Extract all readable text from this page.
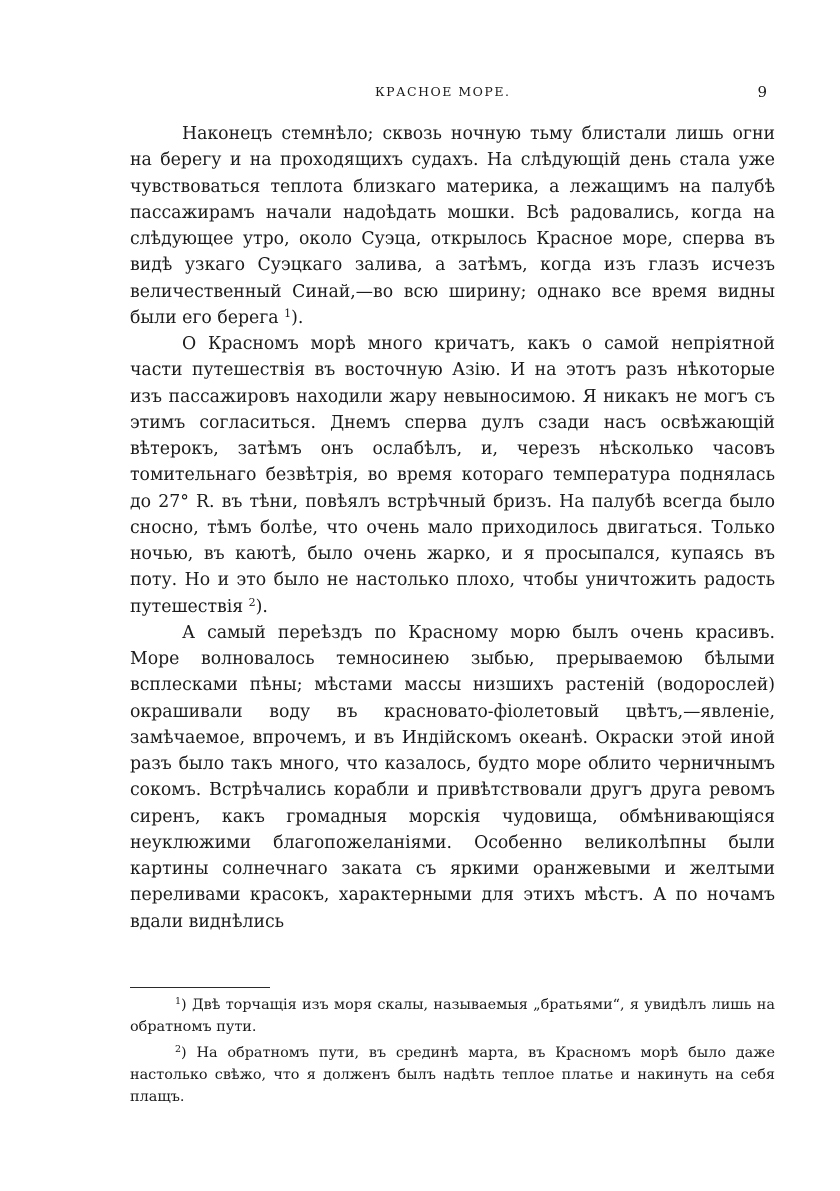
КРАСНОЕ МОРЕ.	9

Наконецъ стемнѣло; сквозь ночную тьму блистали лишь огни на берегу и на проходящихъ судахъ. На слѣдующій день стала уже чувствоваться теплота близкаго материка, а лежащимъ на палубѣ пассажирамъ начали надоѣдать мошки. Всѣ радовались, когда на слѣдующее утро, около Суэца, открылось Красное море, сперва въ видѣ узкаго Суэцкаго залива, а затѣмъ, когда изъ глазъ исчезъ величественный Синай,—во всю ширину; однако все время видны были его берега $^1$).

О Красномъ морѣ много кричатъ, какъ о самой непріятной части путешествія въ восточную Азію. И на этотъ разъ нѣкоторые изъ пассажировъ находили жару невыносимою. Я никакъ не могъ съ этимъ согласиться. Днемъ сперва дулъ сзади насъ освѣжающій вѣтерокъ, затѣмъ онъ ослабѣлъ, и, черезъ нѣсколько часовъ томительнаго безвѣтрія, во время котораго температура поднялась до 27° R. въ тѣни, повѣялъ встрѣчный бризъ. На палубѣ всегда было сносно, тѣмъ болѣе, что очень мало приходилось двигаться. Только ночью, въ каютѣ, было очень жарко, и я просыпался, купаясь въ поту. Но и это было не настолько плохо, чтобы уничтожить радость путешествія $^2$).

А самый переѣздъ по Красному морю былъ очень красивъ. Море волновалось темносинею зыбью, прерываемою бѣлыми всплесками пѣны; мѣстами массы низшихъ растеній (водорослей) окрашивали воду въ красновато-фіолетовый цвѣтъ,—явленіе, замѣчаемое, впрочемъ, и въ Индійскомъ океанѣ. Окраски этой иной разъ было такъ много, что казалось, будто море облито черничнымъ сокомъ. Встрѣчались корабли и привѣтствовали другъ друга ревомъ сиренъ, какъ громадныя морскія чудовища, обмѣнивающіяся неуклюжими благопожеланіями. Особенно великолѣпны были картины солнечнаго заката съ яркими оранжевыми и желтыми переливами красокъ, характерными для этихъ мѣстъ. А по ночамъ вдали виднѣлись

$^1$) Двѣ торчащія изъ моря скалы, называемыя „братьями“, я увидѣлъ лишь на обратномъ пути.

$^2$) На обратномъ пути, въ срединѣ марта, въ Красномъ морѣ было даже настолько свѣжо, что я долженъ былъ надѣть теплое платье и накинуть на себя плащъ.
